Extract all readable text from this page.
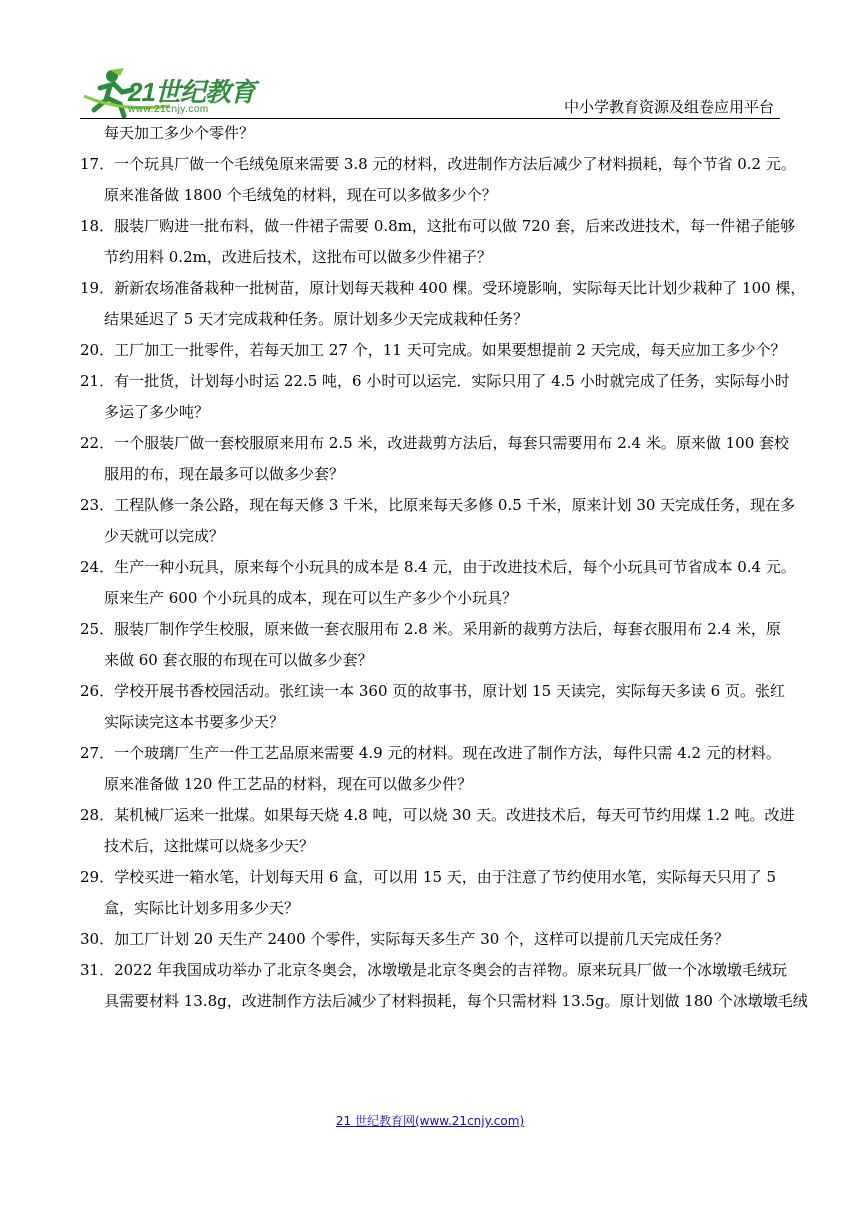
21世纪教育
www.21cnjy.com	中小学教育资源及组卷应用平台
每天加工多少个零件？
17．一个玩具厂做一个毛绒兔原来需要 3.8 元的材料，改进制作方法后减少了材料损耗，每个节省 0.2 元。
原来准备做 1800 个毛绒兔的材料，现在可以多做多少个？
18．服装厂购进一批布料，做一件裙子需要 0.8m，这批布可以做 720 套，后来改进技术，每一件裙子能够
节约用料 0.2m，改进后技术，这批布可以做多少件裙子？
19．新新农场准备栽种一批树苗，原计划每天栽种 400 棵。受环境影响，实际每天比计划少栽种了 100 棵，
结果延迟了 5 天才完成栽种任务。原计划多少天完成栽种任务？
20．工厂加工一批零件，若每天加工 27 个，11 天可完成。如果要想提前 2 天完成，每天应加工多少个？
21．有一批货，计划每小时运 22.5 吨，6 小时可以运完．实际只用了 4.5 小时就完成了任务，实际每小时
多运了多少吨？
22．一个服装厂做一套校服原来用布 2.5 米，改进裁剪方法后，每套只需要用布 2.4 米。原来做 100 套校
服用的布，现在最多可以做多少套？
23．工程队修一条公路，现在每天修 3 千米，比原来每天多修 0.5 千米，原来计划 30 天完成任务，现在多
少天就可以完成？
24．生产一种小玩具，原来每个小玩具的成本是 8.4 元，由于改进技术后，每个小玩具可节省成本 0.4 元。
原来生产 600 个小玩具的成本，现在可以生产多少个小玩具？
25．服装厂制作学生校服，原来做一套衣服用布 2.8 米。采用新的裁剪方法后，每套衣服用布 2.4 米，原
来做 60 套衣服的布现在可以做多少套？
26．学校开展书香校园活动。张红读一本 360 页的故事书，原计划 15 天读完，实际每天多读 6 页。张红
实际读完这本书要多少天？
27．一个玻璃厂生产一件工艺品原来需要 4.9 元的材料。现在改进了制作方法，每件只需 4.2 元的材料。
原来准备做 120 件工艺品的材料，现在可以做多少件？
28．某机械厂运来一批煤。如果每天烧 4.8 吨，可以烧 30 天。改进技术后，每天可节约用煤 1.2 吨。改进
技术后，这批煤可以烧多少天？
29．学校买进一箱水笔，计划每天用 6 盒，可以用 15 天，由于注意了节约使用水笔，实际每天只用了 5
盒，实际比计划多用多少天？
30．加工厂计划 20 天生产 2400 个零件，实际每天多生产 30 个，这样可以提前几天完成任务？
31．2022 年我国成功举办了北京冬奥会，冰墩墩是北京冬奥会的吉祥物。原来玩具厂做一个冰墩墩毛绒玩
具需要材料 13.8g，改进制作方法后减少了材料损耗，每个只需材料 13.5g。原计划做 180 个冰墩墩毛绒
21 世纪教育网(www.21cnjy.com)
